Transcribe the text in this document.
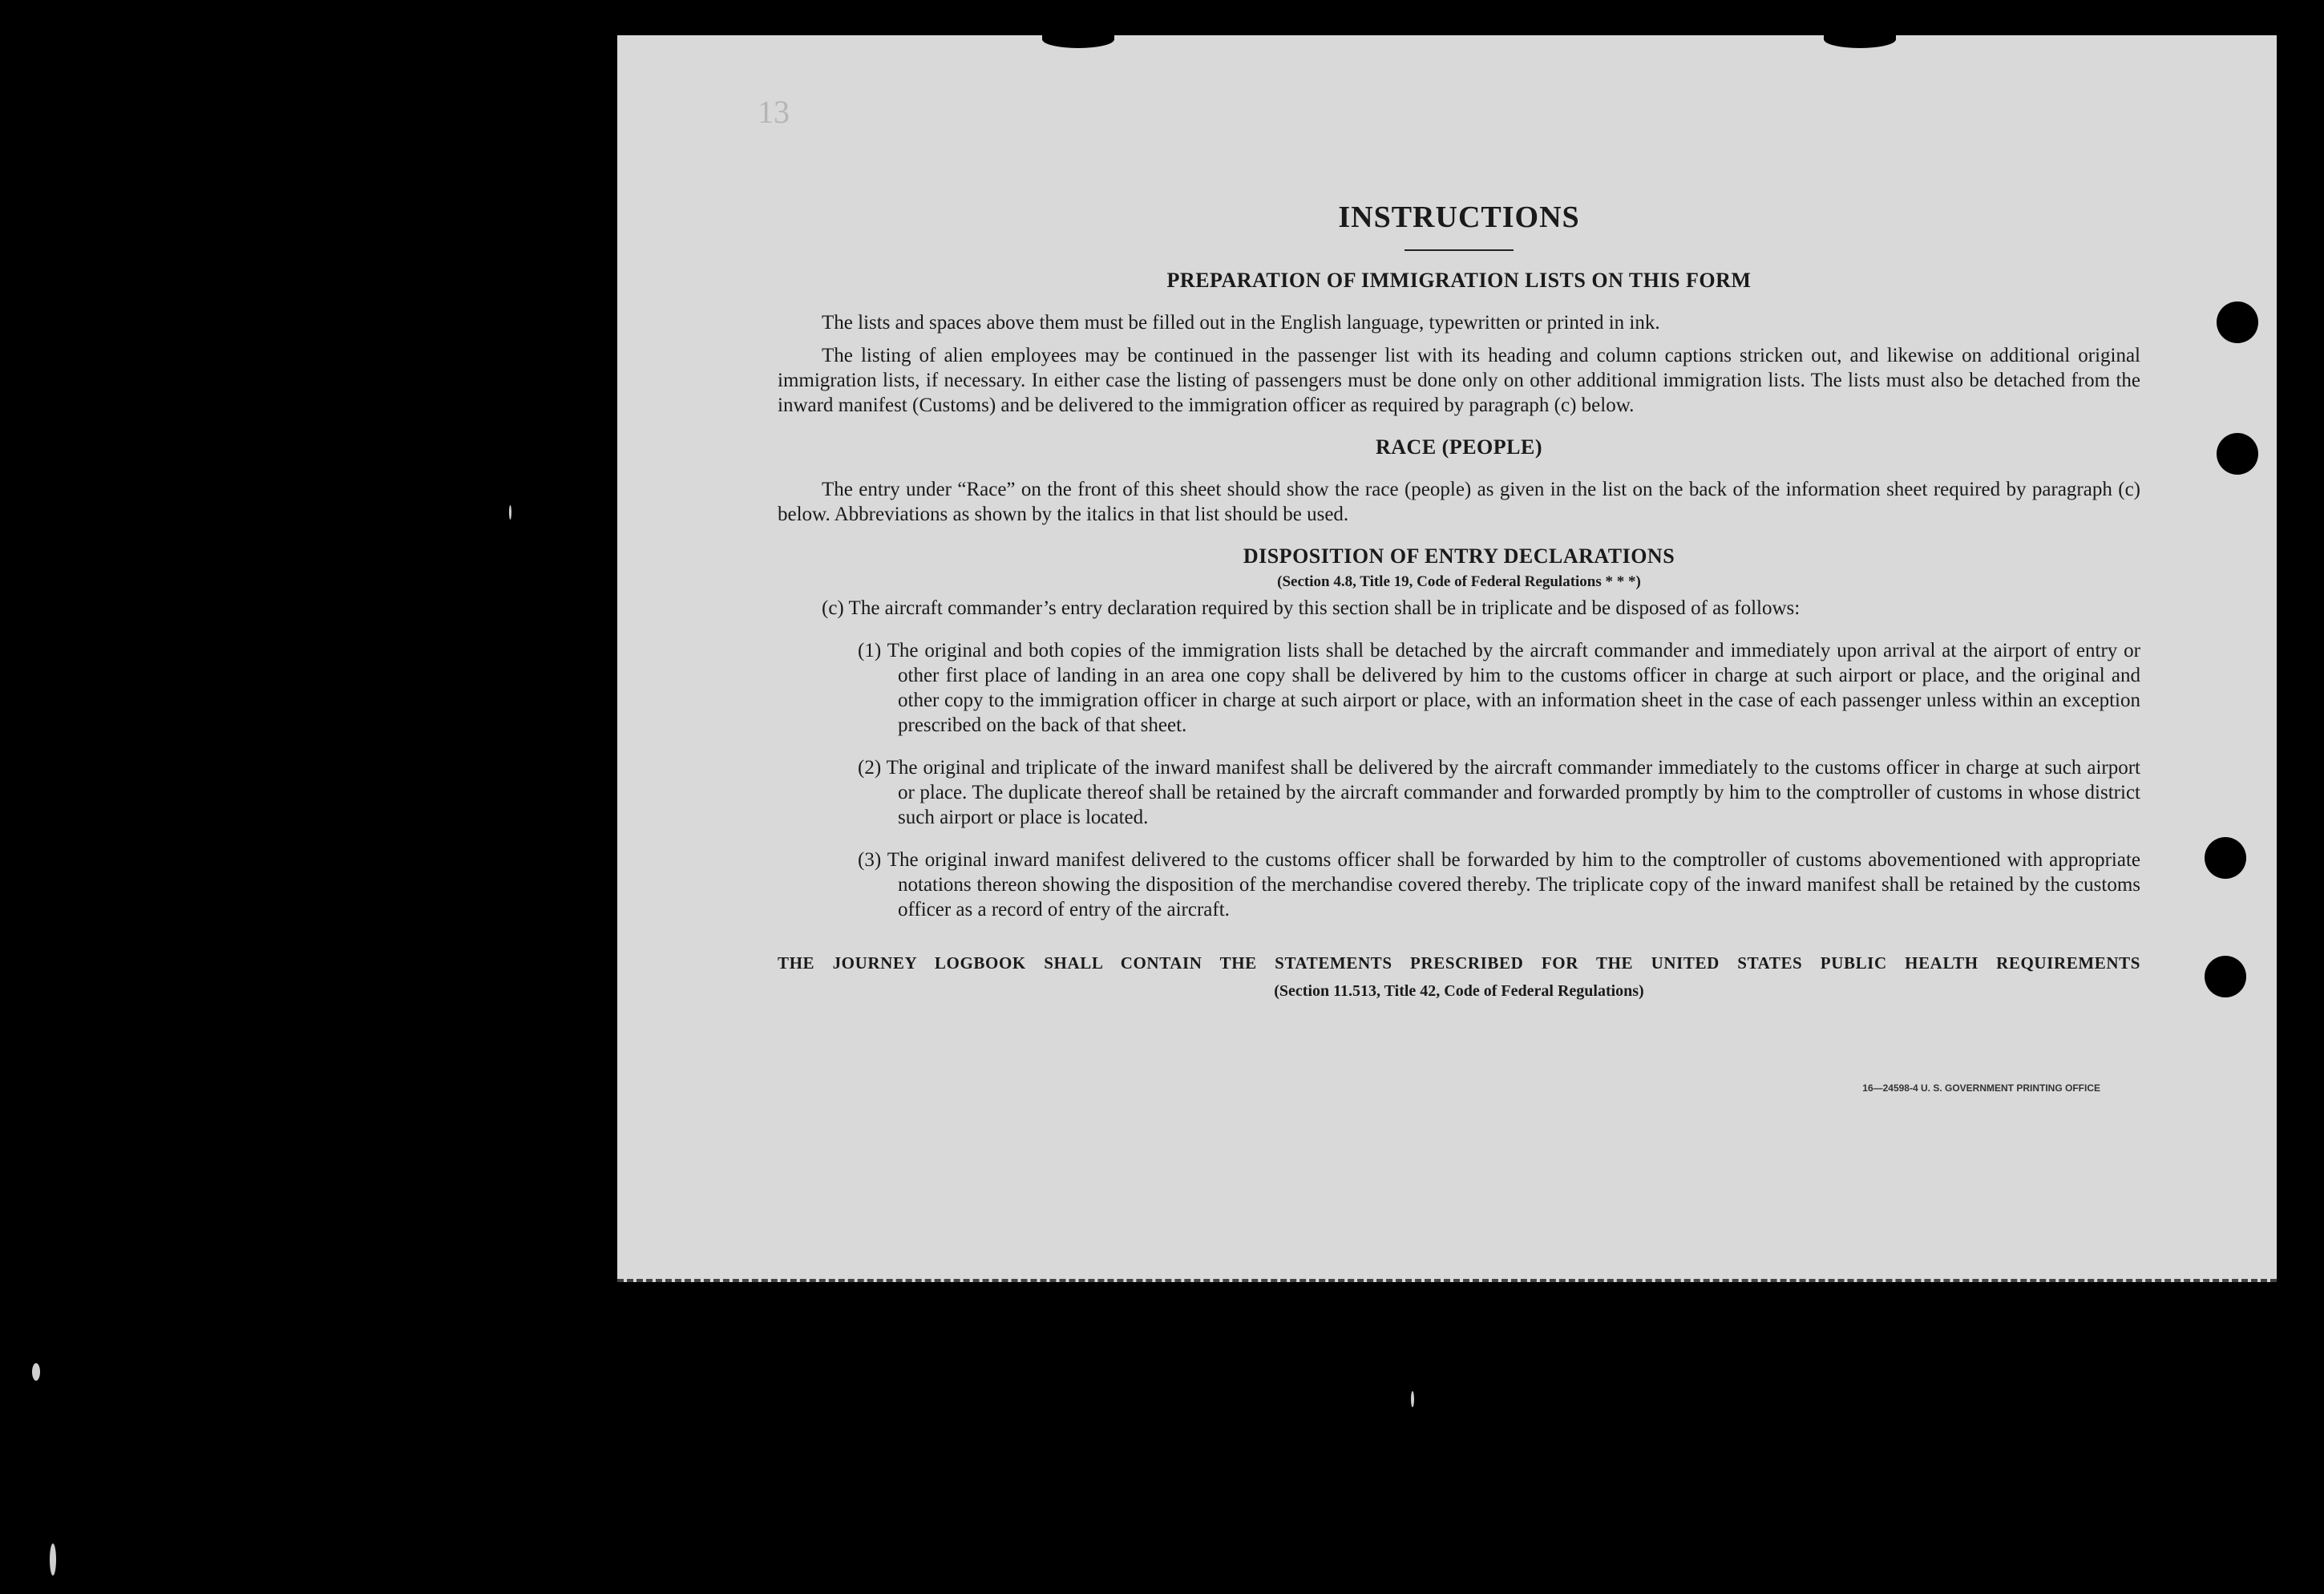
13
INSTRUCTIONS
PREPARATION OF IMMIGRATION LISTS ON THIS FORM

The lists and spaces above them must be filled out in the English language, typewritten or printed in ink.

The listing of alien employees may be continued in the passenger list with its heading and column captions stricken out, and likewise on additional original immigration lists, if necessary. In either case the listing of passengers must be done only on other additional immigration lists. The lists must also be detached from the inward manifest (Customs) and be delivered to the immigration officer as required by paragraph (c) below.

RACE (PEOPLE)

The entry under “Race” on the front of this sheet should show the race (people) as given in the list on the back of the information sheet required by paragraph (c) below. Abbreviations as shown by the italics in that list should be used.

DISPOSITION OF ENTRY DECLARATIONS
(Section 4.8, Title 19, Code of Federal Regulations * * *)

(c) The aircraft commander’s entry declaration required by this section shall be in triplicate and be disposed of as follows:

(1) The original and both copies of the immigration lists shall be detached by the aircraft commander and immediately upon arrival at the airport of entry or other first place of landing in an area one copy shall be delivered by him to the customs officer in charge at such airport or place, and the original and other copy to the immigration officer in charge at such airport or place, with an information sheet in the case of each passenger unless within an exception prescribed on the back of that sheet.

(2) The original and triplicate of the inward manifest shall be delivered by the aircraft commander immediately to the customs officer in charge at such airport or place. The duplicate thereof shall be retained by the aircraft commander and forwarded promptly by him to the comptroller of customs in whose district such airport or place is located.

(3) The original inward manifest delivered to the customs officer shall be forwarded by him to the comptroller of customs abovementioned with appropriate notations thereon showing the disposition of the merchandise covered thereby. The triplicate copy of the inward manifest shall be retained by the customs officer as a record of entry of the aircraft.

THE JOURNEY LOGBOOK SHALL CONTAIN THE STATEMENTS PRESCRIBED FOR THE UNITED STATES PUBLIC HEALTH REQUIREMENTS

(Section 11.513, Title 42, Code of Federal Regulations)

16—24598-4 U. S. GOVERNMENT PRINTING OFFICE
